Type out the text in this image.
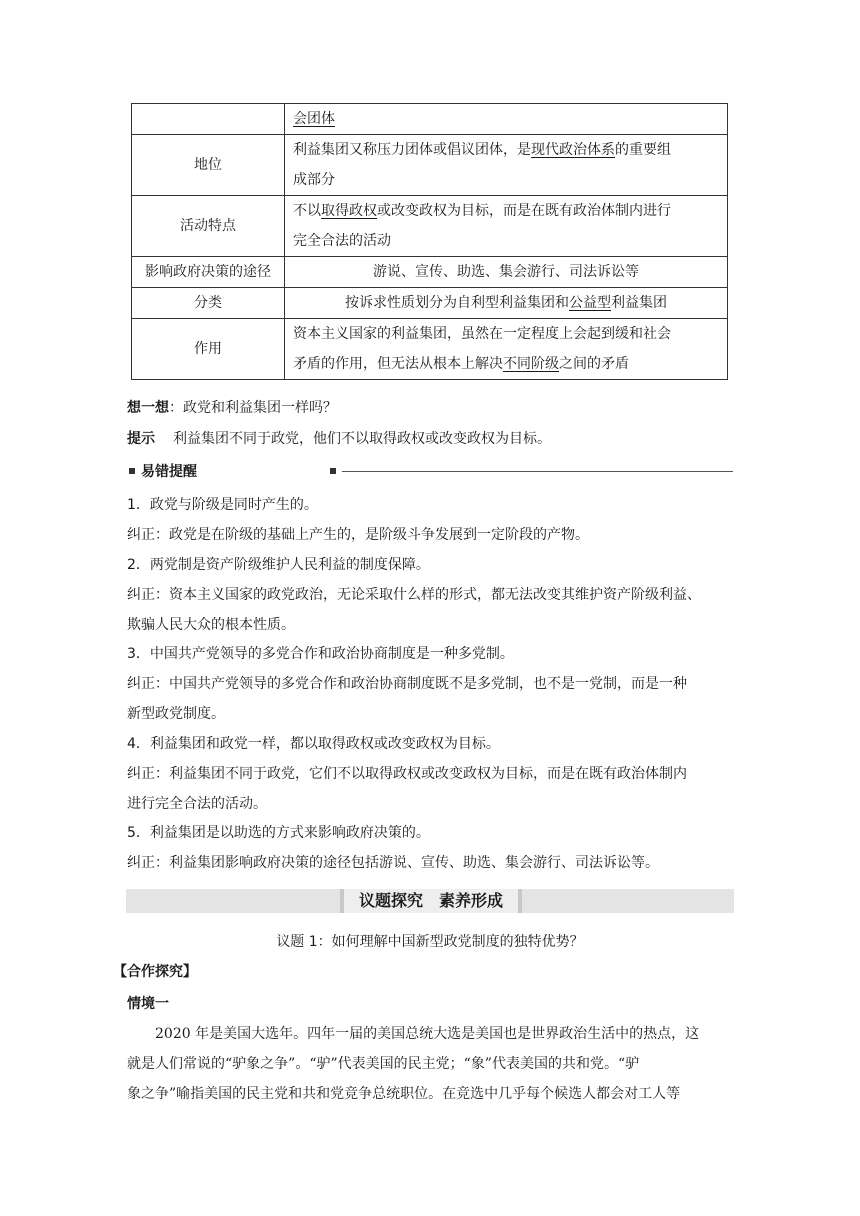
	会团体
地位	利益集团又称压力团体或倡议团体，是现代政治体系的重要组
成部分
活动特点	不以取得政权或改变政权为目标，而是在既有政治体制内进行
完全合法的活动
影响政府决策的途径	游说、宣传、助选、集会游行、司法诉讼等
分类	按诉求性质划分为自利型利益集团和公益型利益集团
作用	资本主义国家的利益集团，虽然在一定程度上会起到缓和社会
矛盾的作用，但无法从根本上解决不同阶级之间的矛盾
想一想：政党和利益集团一样吗？
提示 利益集团不同于政党，他们不以取得政权或改变政权为目标。
易错提醒
1．政党与阶级是同时产生的。
纠正：政党是在阶级的基础上产生的，是阶级斗争发展到一定阶段的产物。
2．两党制是资产阶级维护人民利益的制度保障。
纠正：资本主义国家的政党政治，无论采取什么样的形式，都无法改变其维护资产阶级利益、
欺骗人民大众的根本性质。
3．中国共产党领导的多党合作和政治协商制度是一种多党制。
纠正：中国共产党领导的多党合作和政治协商制度既不是多党制，也不是一党制，而是一种
新型政党制度。
4．利益集团和政党一样，都以取得政权或改变政权为目标。
纠正：利益集团不同于政党，它们不以取得政权或改变政权为目标，而是在既有政治体制内
进行完全合法的活动。
5．利益集团是以助选的方式来影响政府决策的。
纠正：利益集团影响政府决策的途径包括游说、宣传、助选、集会游行、司法诉讼等。
议题探究　素养形成
议题 1：如何理解中国新型政党制度的独特优势？
【合作探究】
情境一
2020 年是美国大选年。四年一届的美国总统大选是美国也是世界政治生活中的热点，这
就是人们常说的“驴象之争”。“驴”代表美国的民主党；“象”代表美国的共和党。“驴
象之争”喻指美国的民主党和共和党竞争总统职位。在竞选中几乎每个候选人都会对工人等
